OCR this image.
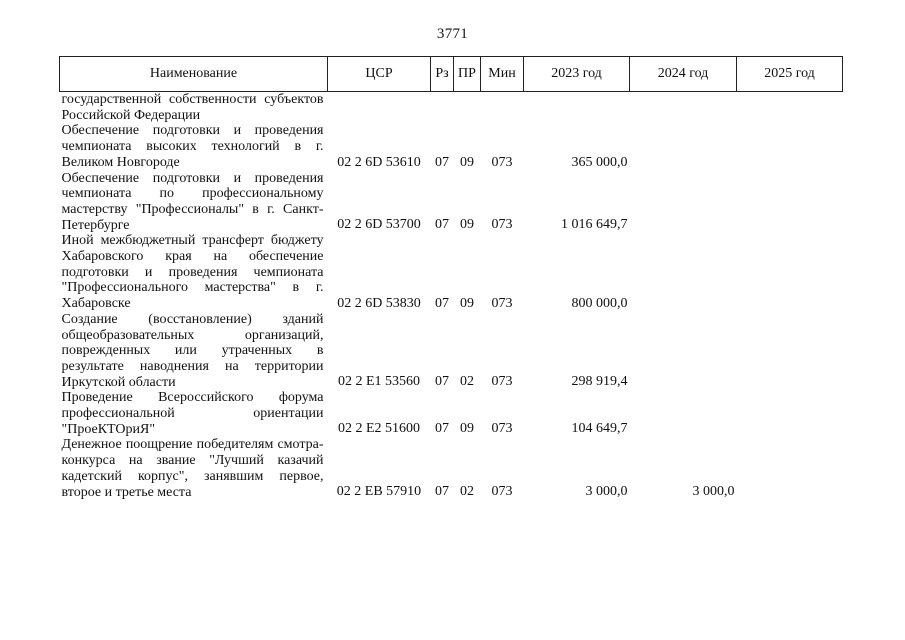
3771
Наименование	ЦСР	Рз	ПР	Мин	2023 год	2024 год	2025 год
государственной собственности субъектов Российской Федерации							
Обеспечение подготовки и проведения чемпионата высоких технологий в г. Великом Новгороде	02 2 6D 53610	07	09	073	365 000,0		
Обеспечение подготовки и проведения чемпионата по профессиональному мастерству "Профессионалы" в г. Санкт-Петербурге	02 2 6D 53700	07	09	073	1 016 649,7		
Иной межбюджетный трансферт бюджету Хабаровского края на обеспечение подготовки и проведения чемпионата "Профессионального мастерства" в г. Хабаровске	02 2 6D 53830	07	09	073	800 000,0		
Создание (восстановление) зданий общеобразовательных организаций, поврежденных или утраченных в результате наводнения на территории Иркутской области	02 2 E1 53560	07	02	073	298 919,4		
Проведение Всероссийского форума профессиональной ориентации "ПроеКТОриЯ"	02 2 E2 51600	07	09	073	104 649,7		
Денежное поощрение победителям смотра-конкурса на звание "Лучший казачий кадетский корпус", занявшим первое, второе и третье места	02 2 EB 57910	07	02	073	3 000,0	3 000,0	
